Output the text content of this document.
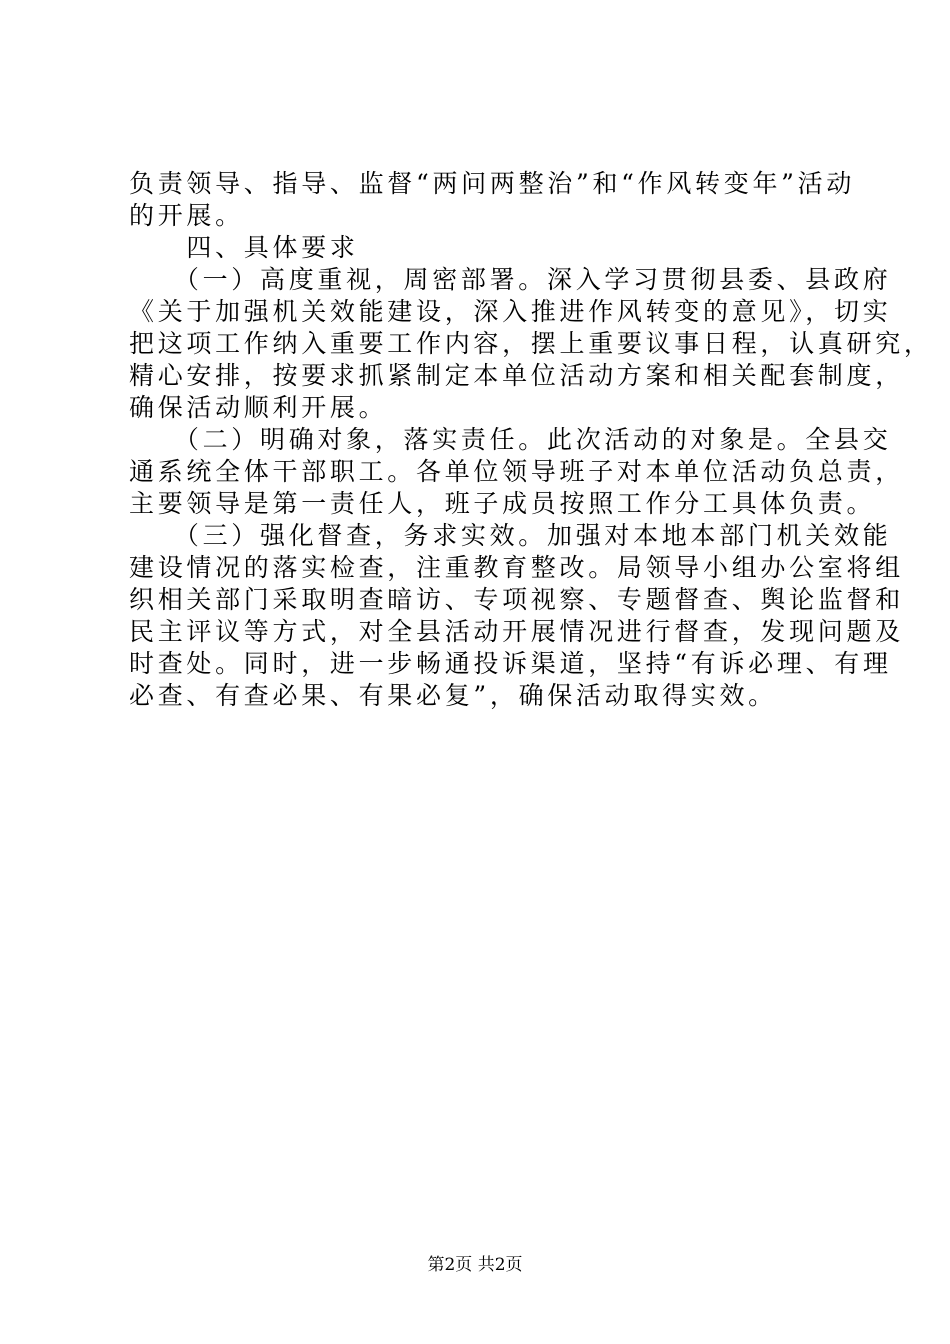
负责领导、指导、监督“两问两整治”和“作风转变年”活动
的开展。
　　四、具体要求
　　（一）高度重视，周密部署。深入学习贯彻县委、县政府
《关于加强机关效能建设，深入推进作风转变的意见》，切实
把这项工作纳入重要工作内容，摆上重要议事日程，认真研究，
精心安排，按要求抓紧制定本单位活动方案和相关配套制度，
确保活动顺利开展。
　　（二）明确对象，落实责任。此次活动的对象是。全县交
通系统全体干部职工。各单位领导班子对本单位活动负总责，
主要领导是第一责任人，班子成员按照工作分工具体负责。
　　（三）强化督查，务求实效。加强对本地本部门机关效能
建设情况的落实检查，注重教育整改。局领导小组办公室将组
织相关部门采取明查暗访、专项视察、专题督查、舆论监督和
民主评议等方式，对全县活动开展情况进行督查，发现问题及
时查处。同时，进一步畅通投诉渠道，坚持“有诉必理、有理
必查、有查必果、有果必复”，确保活动取得实效。
第2页 共2页
